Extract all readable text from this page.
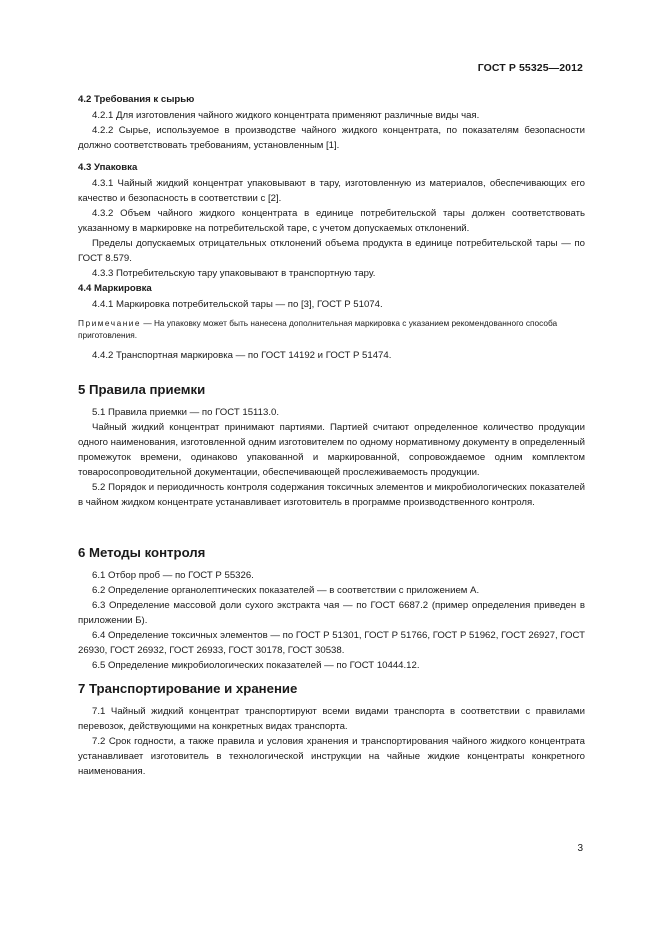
ГОСТ Р 55325—2012
4.2 Требования к сырью
4.2.1 Для изготовления чайного жидкого концентрата применяют различные виды чая.
4.2.2 Сырье, используемое в производстве чайного жидкого концентрата, по показателям безопасности должно соответствовать требованиям, установленным [1].
4.3 Упаковка
4.3.1 Чайный жидкий концентрат упаковывают в тару, изготовленную из материалов, обеспечивающих его качество и безопасность в соответствии с [2].
4.3.2 Объем чайного жидкого концентрата в единице потребительской тары должен соответствовать указанному в маркировке на потребительской таре, с учетом допускаемых отклонений.
Пределы допускаемых отрицательных отклонений объема продукта в единице потребительской тары — по ГОСТ 8.579.
4.3.3 Потребительскую тару упаковывают в транспортную тару.
4.4 Маркировка
4.4.1 Маркировка потребительской тары — по [3], ГОСТ Р 51074.
Примечание — На упаковку может быть нанесена дополнительная маркировка с указанием рекомендованного способа приготовления.
4.4.2 Транспортная маркировка — по ГОСТ 14192 и ГОСТ Р 51474.
5 Правила приемки
5.1 Правила приемки — по ГОСТ 15113.0.
Чайный жидкий концентрат принимают партиями. Партией считают определенное количество продукции одного наименования, изготовленной одним изготовителем по одному нормативному документу в определенный промежуток времени, одинаково упакованной и маркированной, сопровождаемое одним комплектом товаросопроводительной документации, обеспечивающей прослеживаемость продукции.
5.2 Порядок и периодичность контроля содержания токсичных элементов и микробиологических показателей в чайном жидком концентрате устанавливает изготовитель в программе производственного контроля.
6 Методы контроля
6.1 Отбор проб — по ГОСТ Р 55326.
6.2 Определение органолептических показателей — в соответствии с приложением А.
6.3 Определение массовой доли сухого экстракта чая — по ГОСТ 6687.2 (пример определения приведен в приложении Б).
6.4 Определение токсичных элементов — по ГОСТ Р 51301, ГОСТ Р 51766, ГОСТ Р 51962, ГОСТ 26927, ГОСТ 26930, ГОСТ 26932, ГОСТ 26933, ГОСТ 30178, ГОСТ 30538.
6.5 Определение микробиологических показателей — по ГОСТ 10444.12.
7 Транспортирование и хранение
7.1 Чайный жидкий концентрат транспортируют всеми видами транспорта в соответствии с правилами перевозок, действующими на конкретных видах транспорта.
7.2 Срок годности, а также правила и условия хранения и транспортирования чайного жидкого концентрата устанавливает изготовитель в технологической инструкции на чайные жидкие концентраты конкретного наименования.
3
